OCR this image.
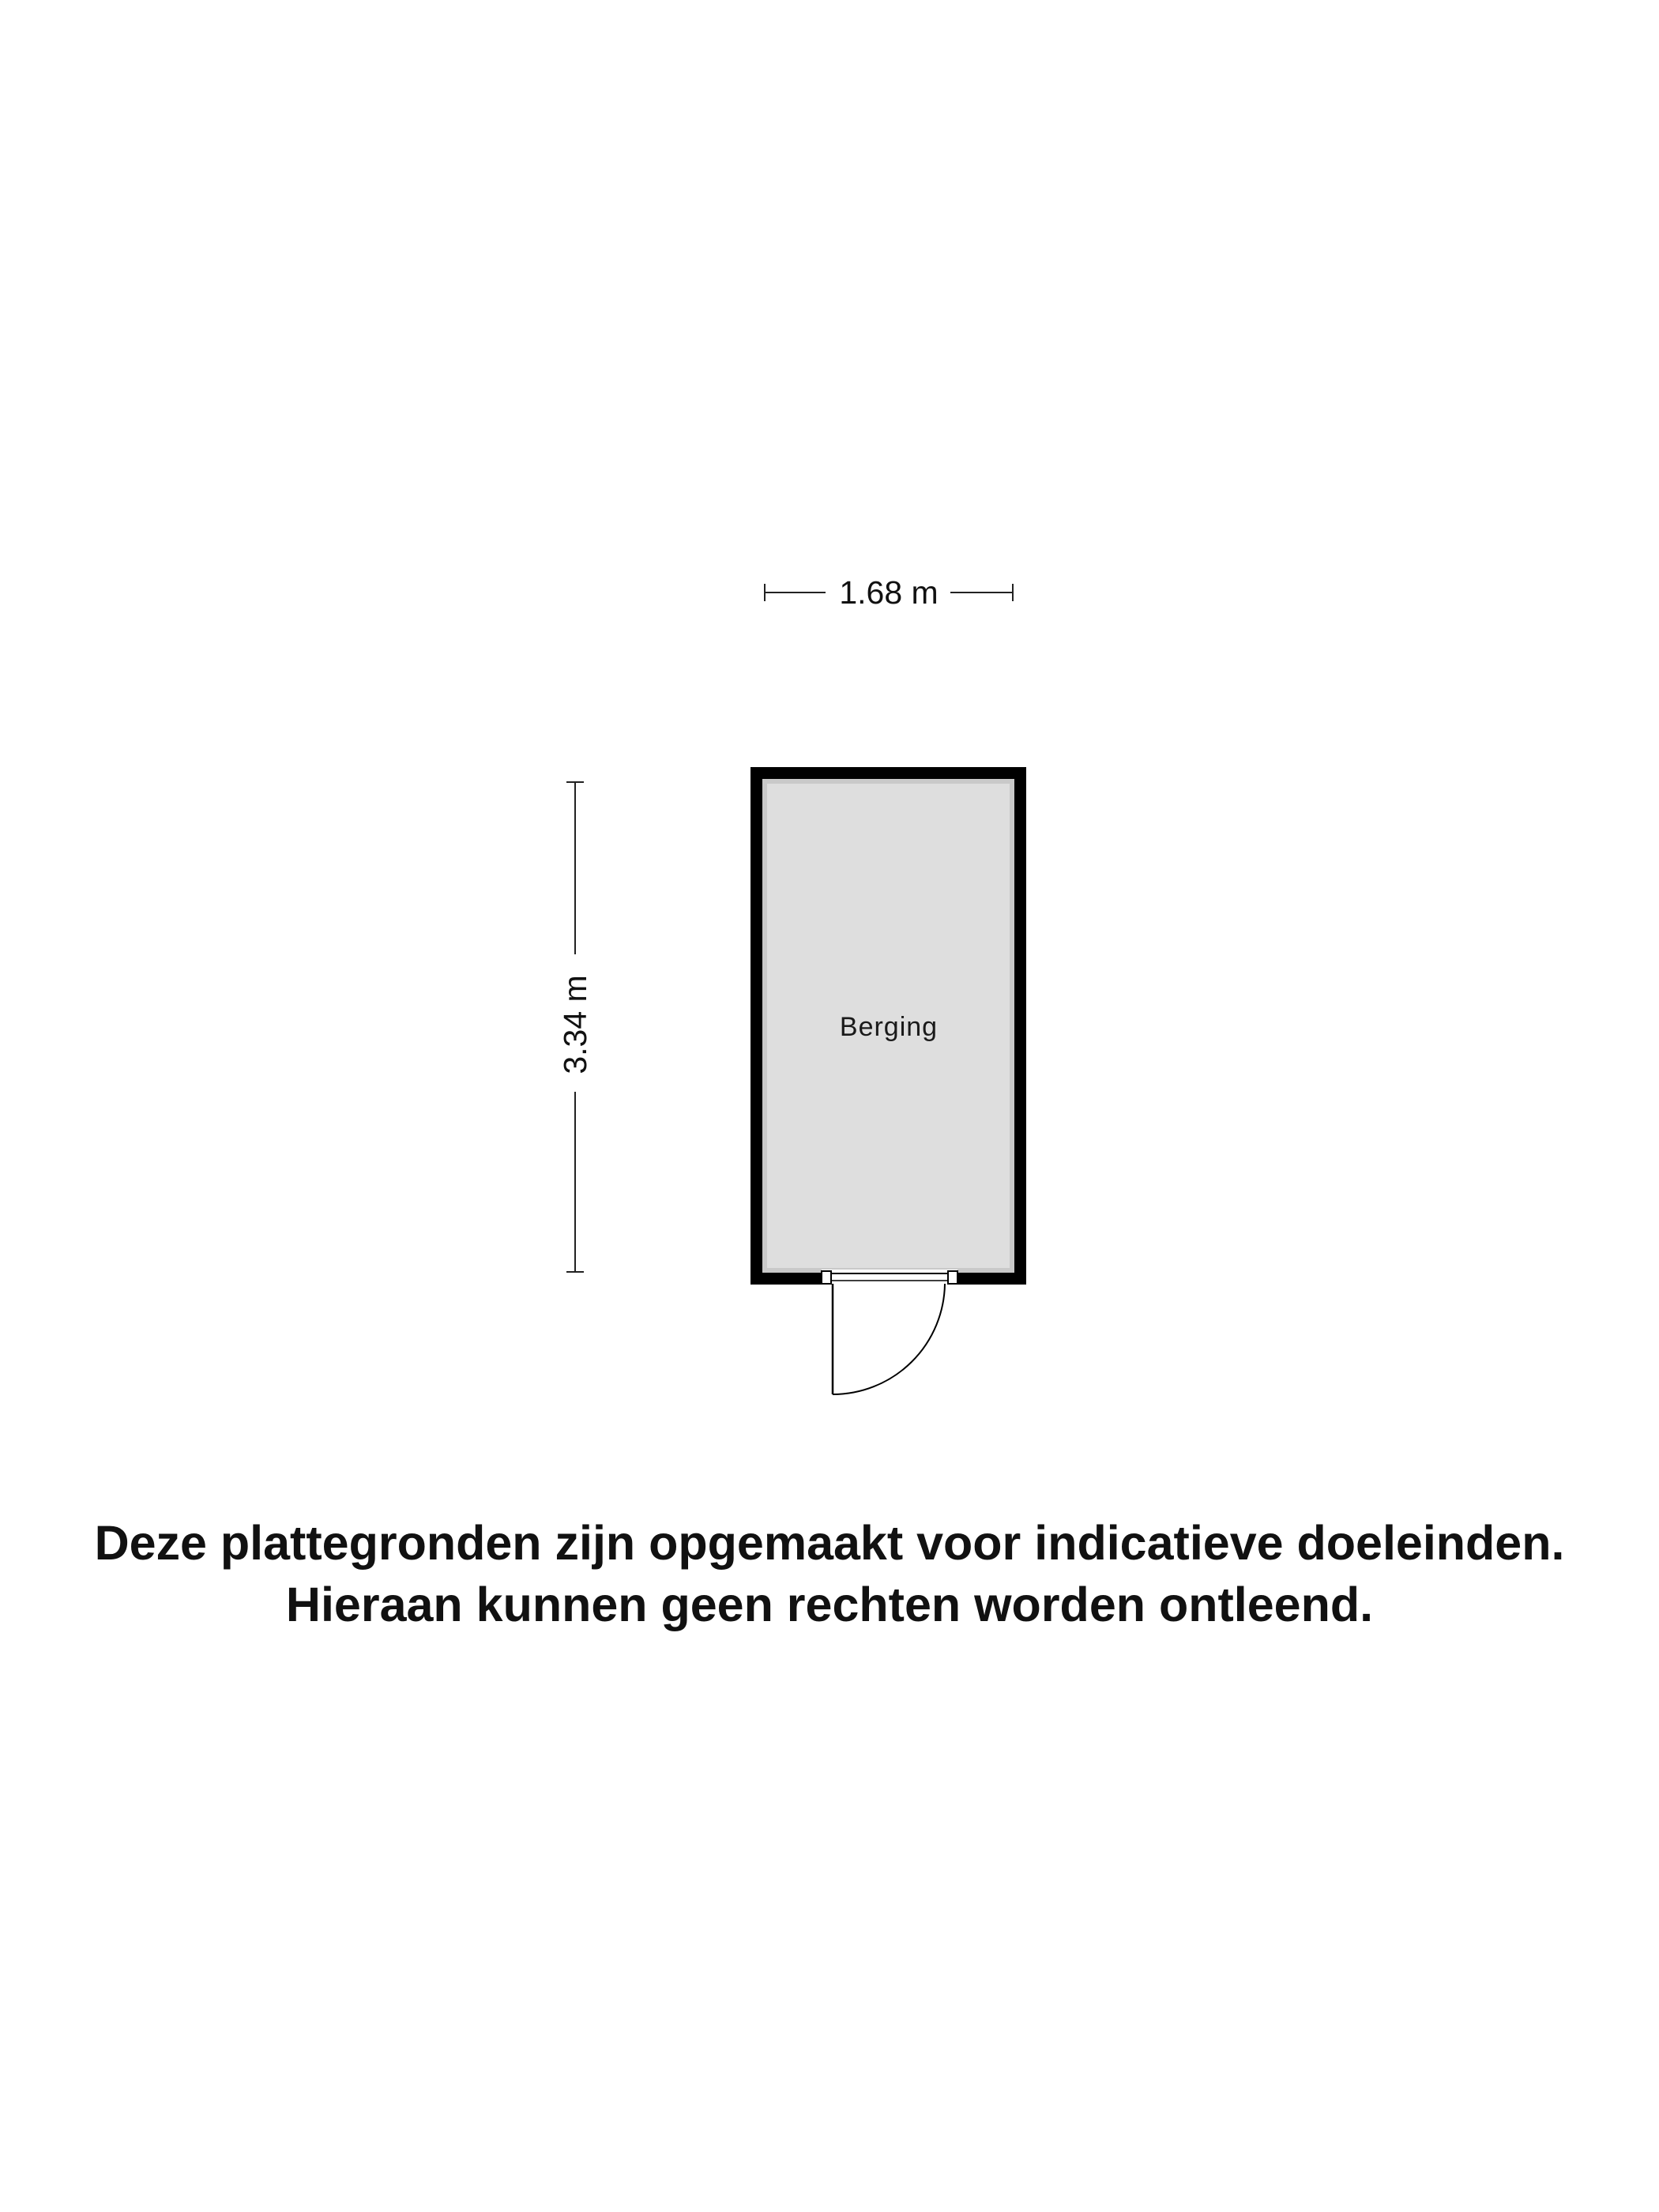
1.68 m
3.34 m	Berging

Deze plattegronden zijn opgemaakt voor indicatieve doeleinden.

Hieraan kunnen geen rechten worden ontleend.
